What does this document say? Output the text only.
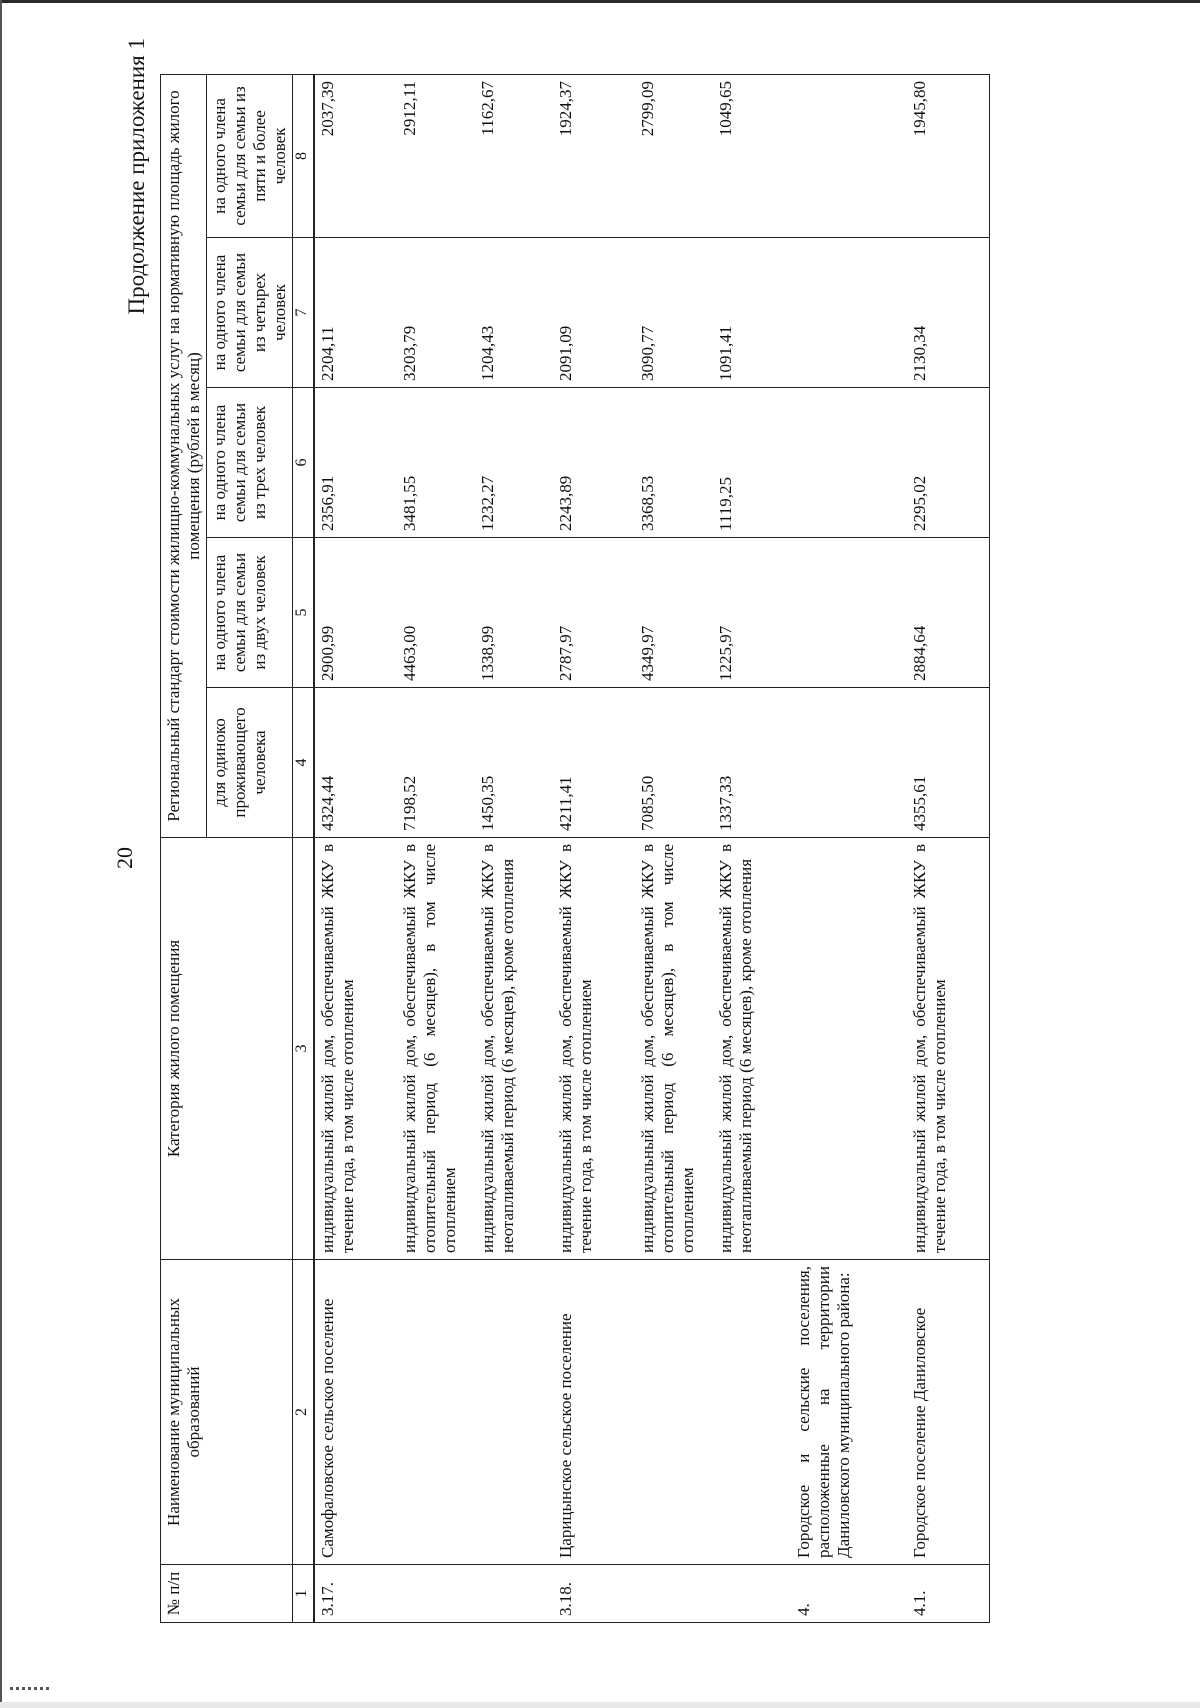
20
Продолжение приложения 1
№ п/п	Наименование муниципальных образований	Категория жилого помещения	Региональный стандарт стоимости жилищно-коммунальных услуг на нормативную площадь жилого помещения (рублей в месяц)				
			для одиноко проживающего человека	на одного члена семьи для семьи из двух человек	на одного члена семьи для семьи из трех человек	на одного члена семьи для семьи из четырех человек	на одного члена семьи для семьи из пяти и более человек
1	2	3	4	5	6	7	8
3.17.	Самофаловское сельское поселение	индивидуальный жилой дом, обеспечиваемый ЖКУ в течение года, в том числе отоплением	4324,44	2900,99	2356,91	2204,11	2037,39
		индивидуальный жилой дом, обеспечиваемый ЖКУ в отопительный период (6 месяцев), в том числе отоплением	7198,52	4463,00	3481,55	3203,79	2912,11
		индивидуальный жилой дом, обеспечиваемый ЖКУ в неотапливаемый период (6 месяцев), кроме отопления	1450,35	1338,99	1232,27	1204,43	1162,67
3.18.	Царицынское сельское поселение	индивидуальный жилой дом, обеспечиваемый ЖКУ в течение года, в том числе отоплением	4211,41	2787,97	2243,89	2091,09	1924,37
		индивидуальный жилой дом, обеспечиваемый ЖКУ в отопительный период (6 месяцев), в том числе отоплением	7085,50	4349,97	3368,53	3090,77	2799,09
		индивидуальный жилой дом, обеспечиваемый ЖКУ в неотапливаемый период (6 месяцев), кроме отопления	1337,33	1225,97	1119,25	1091,41	1049,65
4.	Городское и сельские поселения, расположенные на территории Даниловского муниципального района:						
4.1.	Городское поселение Даниловское	индивидуальный жилой дом, обеспечиваемый ЖКУ в течение года, в том числе отоплением	4355,61	2884,64	2295,02	2130,34	1945,80
